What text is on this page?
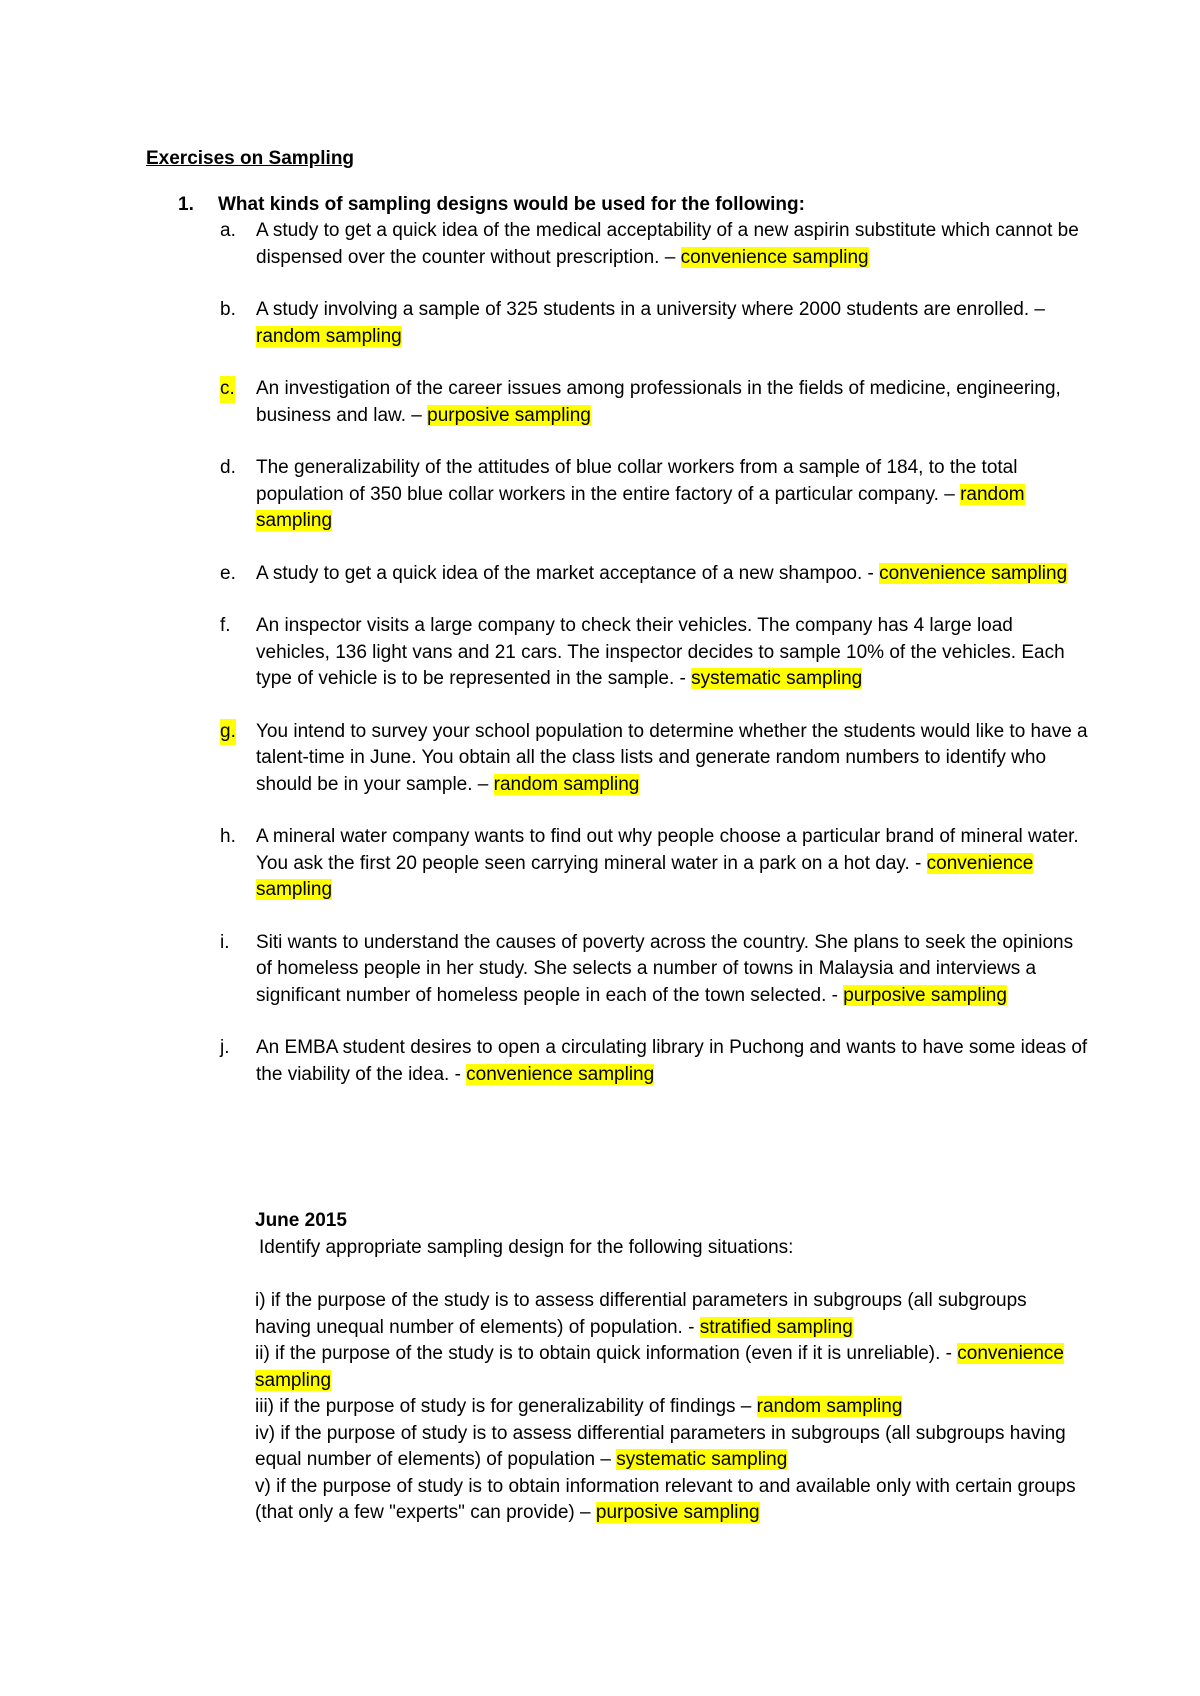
Exercises on Sampling
1. What kinds of sampling designs would be used for the following:
a. A study to get a quick idea of the medical acceptability of a new aspirin substitute which cannot be dispensed over the counter without prescription. – convenience sampling
b. A study involving a sample of 325 students in a university where 2000 students are enrolled. – random sampling
c. An investigation of the career issues among professionals in the fields of medicine, engineering, business and law. – purposive sampling
d. The generalizability of the attitudes of blue collar workers from a sample of 184, to the total population of 350 blue collar workers in the entire factory of a particular company. – random sampling
e. A study to get a quick idea of the market acceptance of a new shampoo. - convenience sampling
f. An inspector visits a large company to check their vehicles. The company has 4 large load vehicles, 136 light vans and 21 cars. The inspector decides to sample 10% of the vehicles. Each type of vehicle is to be represented in the sample. - systematic sampling
g. You intend to survey your school population to determine whether the students would like to have a talent-time in June. You obtain all the class lists and generate random numbers to identify who should be in your sample. – random sampling
h. A mineral water company wants to find out why people choose a particular brand of mineral water. You ask the first 20 people seen carrying mineral water in a park on a hot day. - convenience sampling
i. Siti wants to understand the causes of poverty across the country. She plans to seek the opinions of homeless people in her study. She selects a number of towns in Malaysia and interviews a significant number of homeless people in each of the town selected. - purposive sampling
j. An EMBA student desires to open a circulating library in Puchong and wants to have some ideas of the viability of the idea. - convenience sampling
June 2015
Identify appropriate sampling design for the following situations:
i) if the purpose of the study is to assess differential parameters in subgroups (all subgroups having unequal number of elements) of population. - stratified sampling
ii) if the purpose of the study is to obtain quick information (even if it is unreliable). - convenience sampling
iii) if the purpose of study is for generalizability of findings – random sampling
iv) if the purpose of study is to assess differential parameters in subgroups (all subgroups having equal number of elements) of population – systematic sampling
v) if the purpose of study is to obtain information relevant to and available only with certain groups (that only a few "experts" can provide) – purposive sampling
